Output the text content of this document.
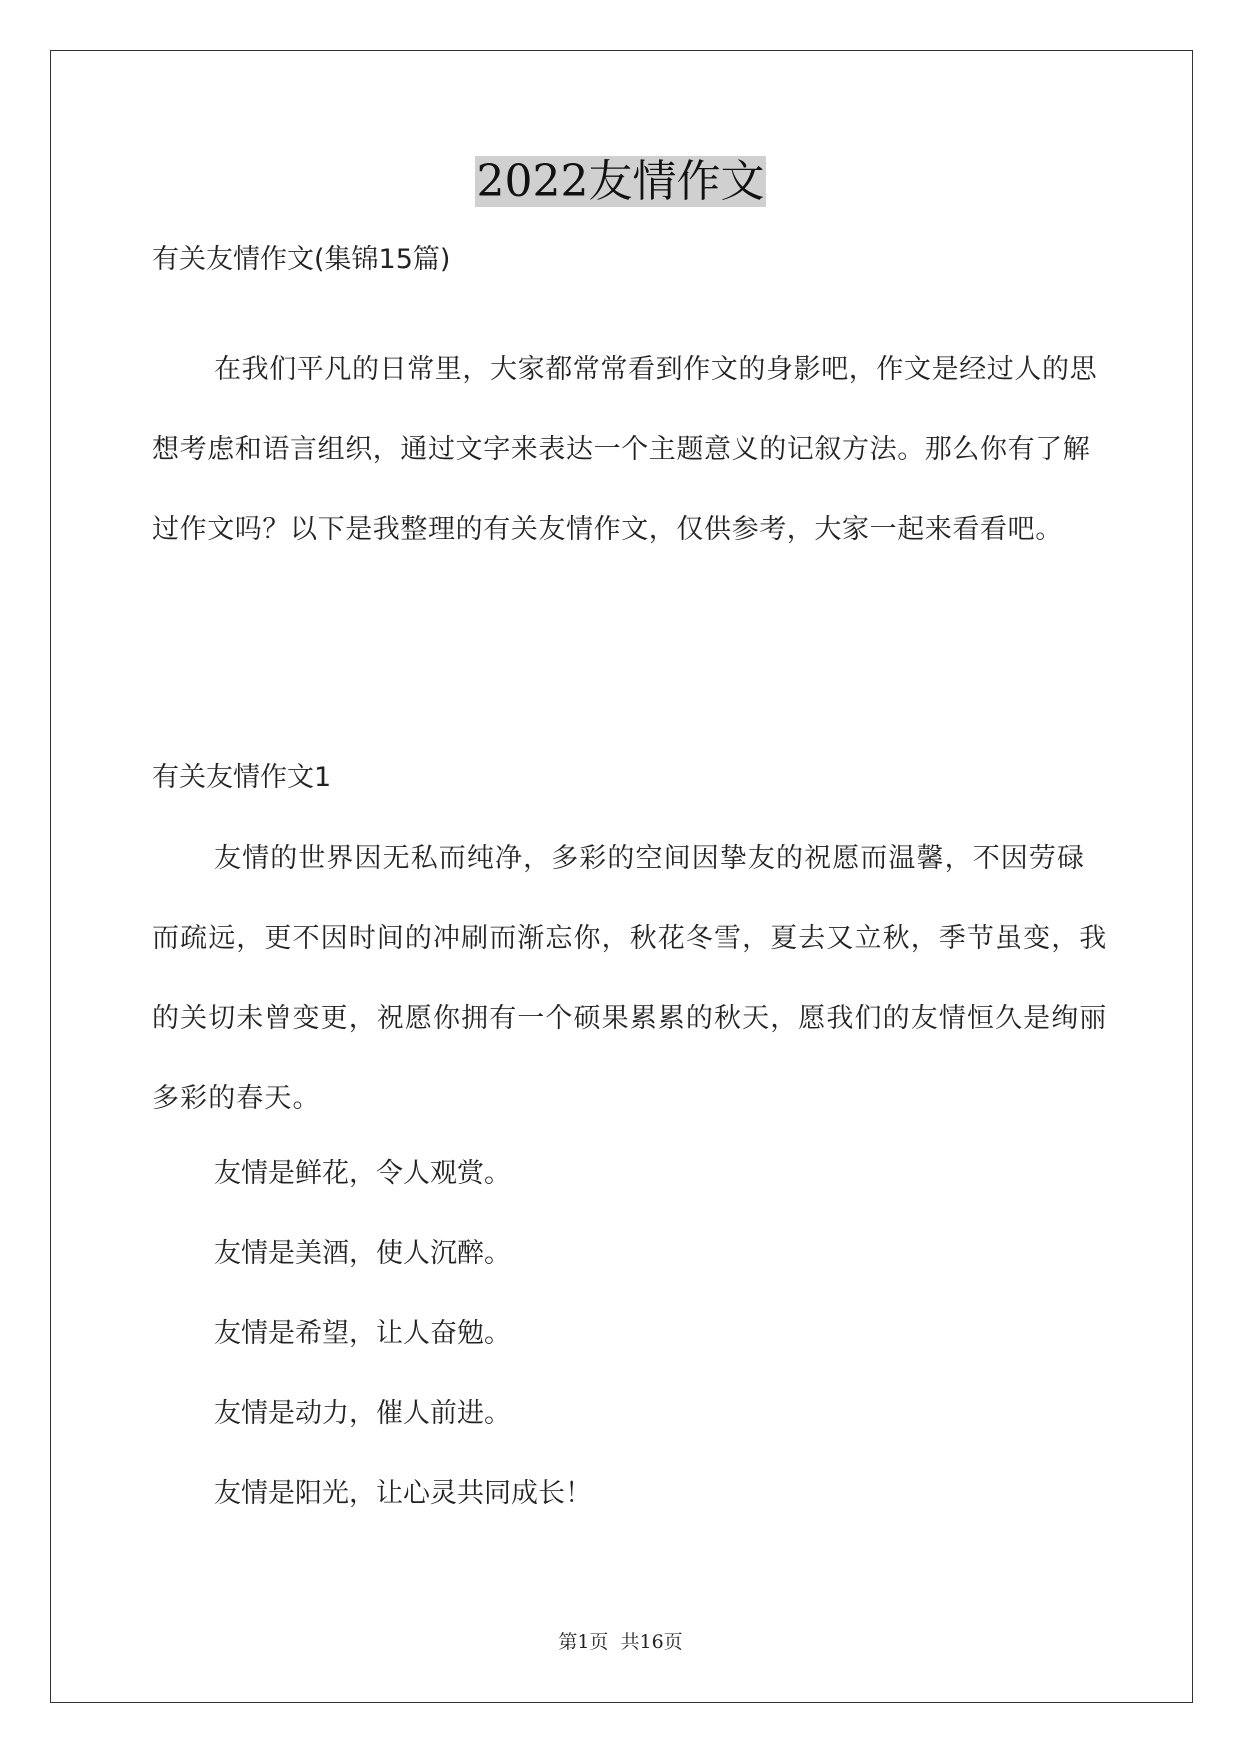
2022友情作文

有关友情作文(集锦15篇)

在我们平凡的日常里，大家都常常看到作文的身影吧，作文是经过人的思想考虑和语言组织，通过文字来表达一个主题意义的记叙方法。那么你有了解过作文吗？以下是我整理的有关友情作文，仅供参考，大家一起来看看吧。

有关友情作文1

友情的世界因无私而纯净，多彩的空间因挚友的祝愿而温馨，不因劳碌而疏远，更不因时间的冲刷而渐忘你，秋花冬雪，夏去又立秋，季节虽变，我的关切未曾变更，祝愿你拥有一个硕果累累的秋天，愿我们的友情恒久是绚丽多彩的春天。

友情是鲜花，令人观赏。

友情是美酒，使人沉醉。

友情是希望，让人奋勉。

友情是动力，催人前进。

友情是阳光，让心灵共同成长！

第1页  共16页
